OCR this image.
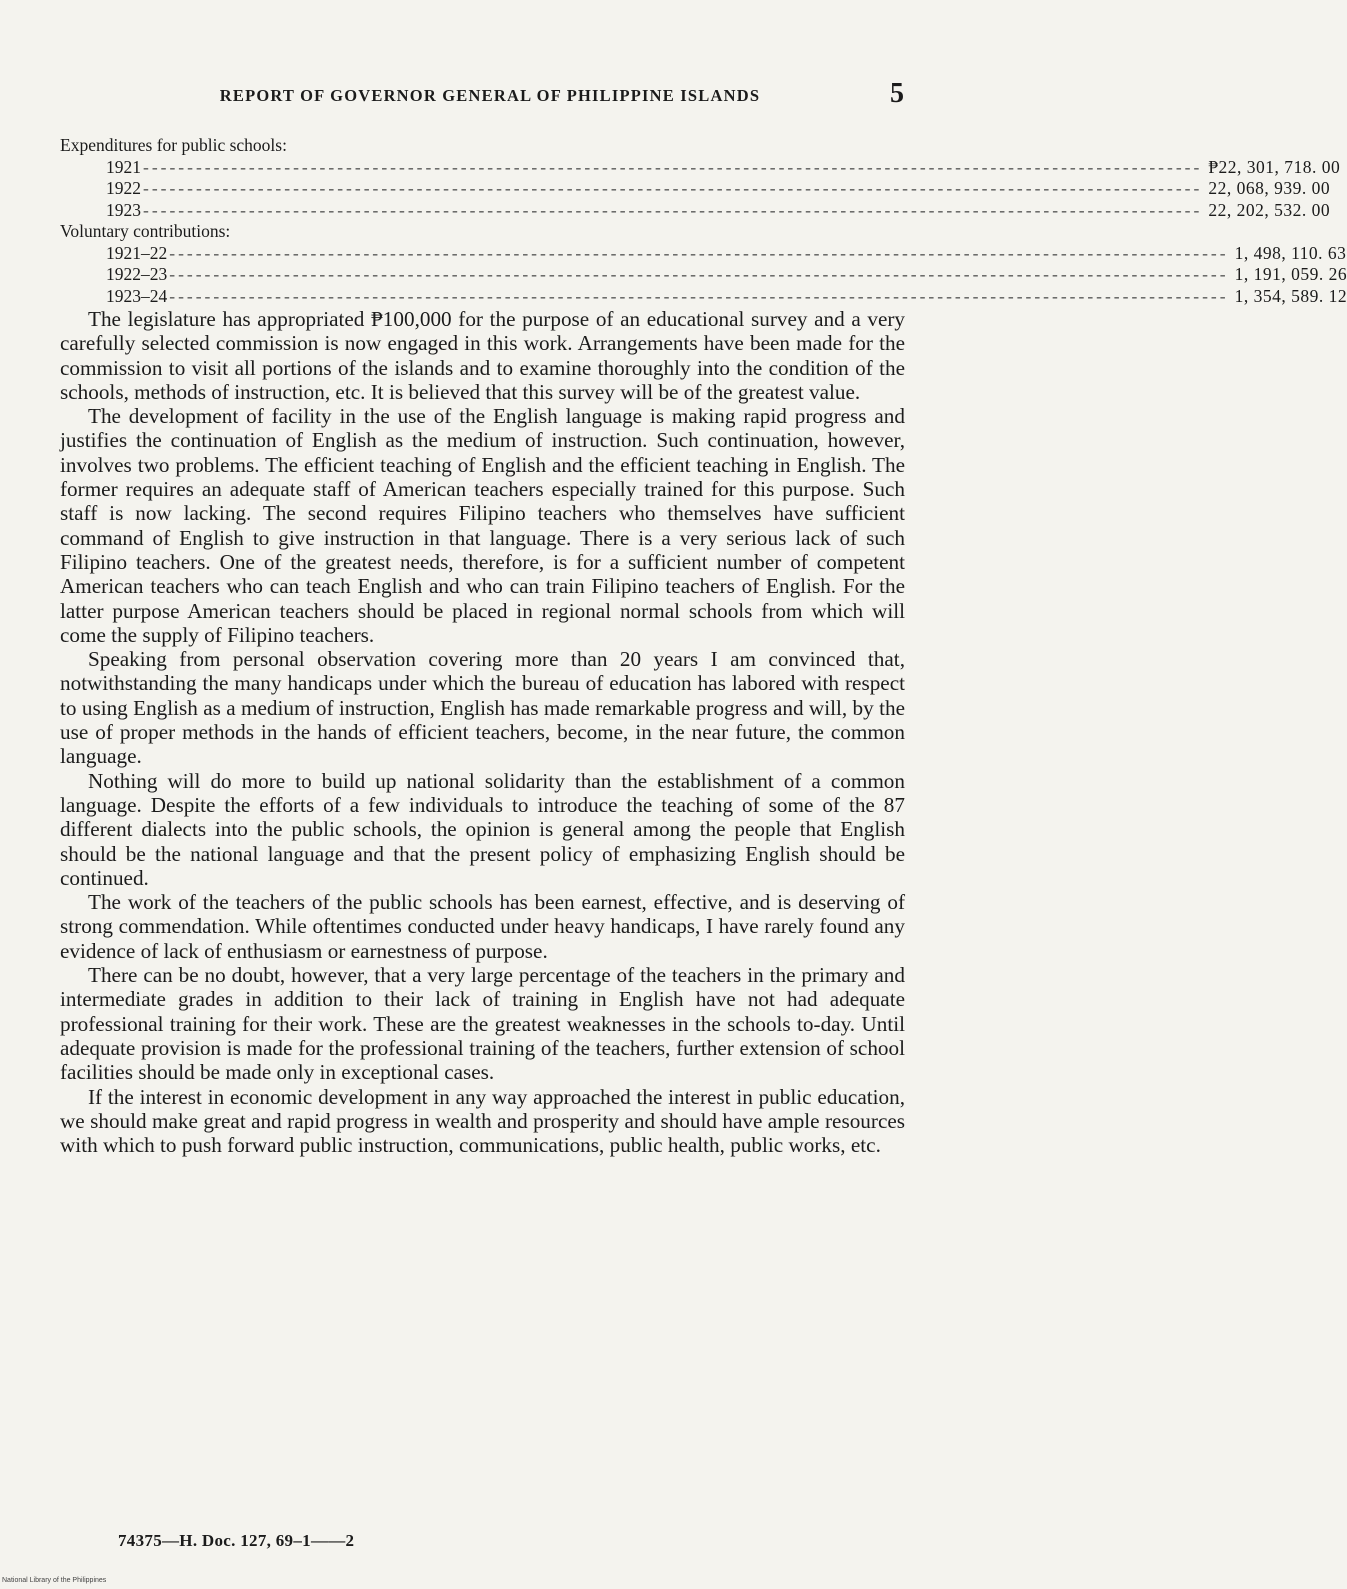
REPORT OF GOVERNOR GENERAL OF PHILIPPINE ISLANDS	5
Expenditures for public schools:
1921 ------------------------------------------------------------------------------------------------------------------------ ₱22, 301, 718. 00
1922 ------------------------------------------------------------------------------------------------------------------------ 22, 068, 939. 00
1923 ------------------------------------------------------------------------------------------------------------------------ 22, 202, 532. 00
Voluntary contributions:
1921–22 ------------------------------------------------------------------------------------------------------------------------ 1, 498, 110. 63
1922–23 ------------------------------------------------------------------------------------------------------------------------ 1, 191, 059. 26
1923–24 ------------------------------------------------------------------------------------------------------------------------ 1, 354, 589. 12

The legislature has appropriated ₱100,000 for the purpose of an educational survey and a very carefully selected commission is now engaged in this work. Arrangements have been made for the commission to visit all portions of the islands and to examine thoroughly into the condition of the schools, methods of instruction, etc. It is believed that this survey will be of the greatest value.

The development of facility in the use of the English language is making rapid progress and justifies the continuation of English as the medium of instruction. Such continuation, however, involves two problems. The efficient teaching of English and the efficient teaching in English. The former requires an adequate staff of American teachers especially trained for this purpose. Such staff is now lacking. The second requires Filipino teachers who themselves have sufficient command of English to give instruction in that language. There is a very serious lack of such Filipino teachers. One of the greatest needs, therefore, is for a sufficient number of competent American teachers who can teach English and who can train Filipino teachers of English. For the latter purpose American teachers should be placed in regional normal schools from which will come the supply of Filipino teachers.

Speaking from personal observation covering more than 20 years I am convinced that, notwithstanding the many handicaps under which the bureau of education has labored with respect to using English as a medium of instruction, English has made remarkable progress and will, by the use of proper methods in the hands of efficient teachers, become, in the near future, the common language.

Nothing will do more to build up national solidarity than the establishment of a common language. Despite the efforts of a few individuals to introduce the teaching of some of the 87 different dialects into the public schools, the opinion is general among the people that English should be the national language and that the present policy of emphasizing English should be continued.

The work of the teachers of the public schools has been earnest, effective, and is deserving of strong commendation. While oftentimes conducted under heavy handicaps, I have rarely found any evidence of lack of enthusiasm or earnestness of purpose.

There can be no doubt, however, that a very large percentage of the teachers in the primary and intermediate grades in addition to their lack of training in English have not had adequate professional training for their work. These are the greatest weaknesses in the schools to-day. Until adequate provision is made for the professional training of the teachers, further extension of school facilities should be made only in exceptional cases.

If the interest in economic development in any way approached the interest in public education, we should make great and rapid progress in wealth and prosperity and should have ample resources with which to push forward public instruction, communications, public health, public works, etc.

74375—H. Doc. 127, 69–1——2
National Library of the Philippines
